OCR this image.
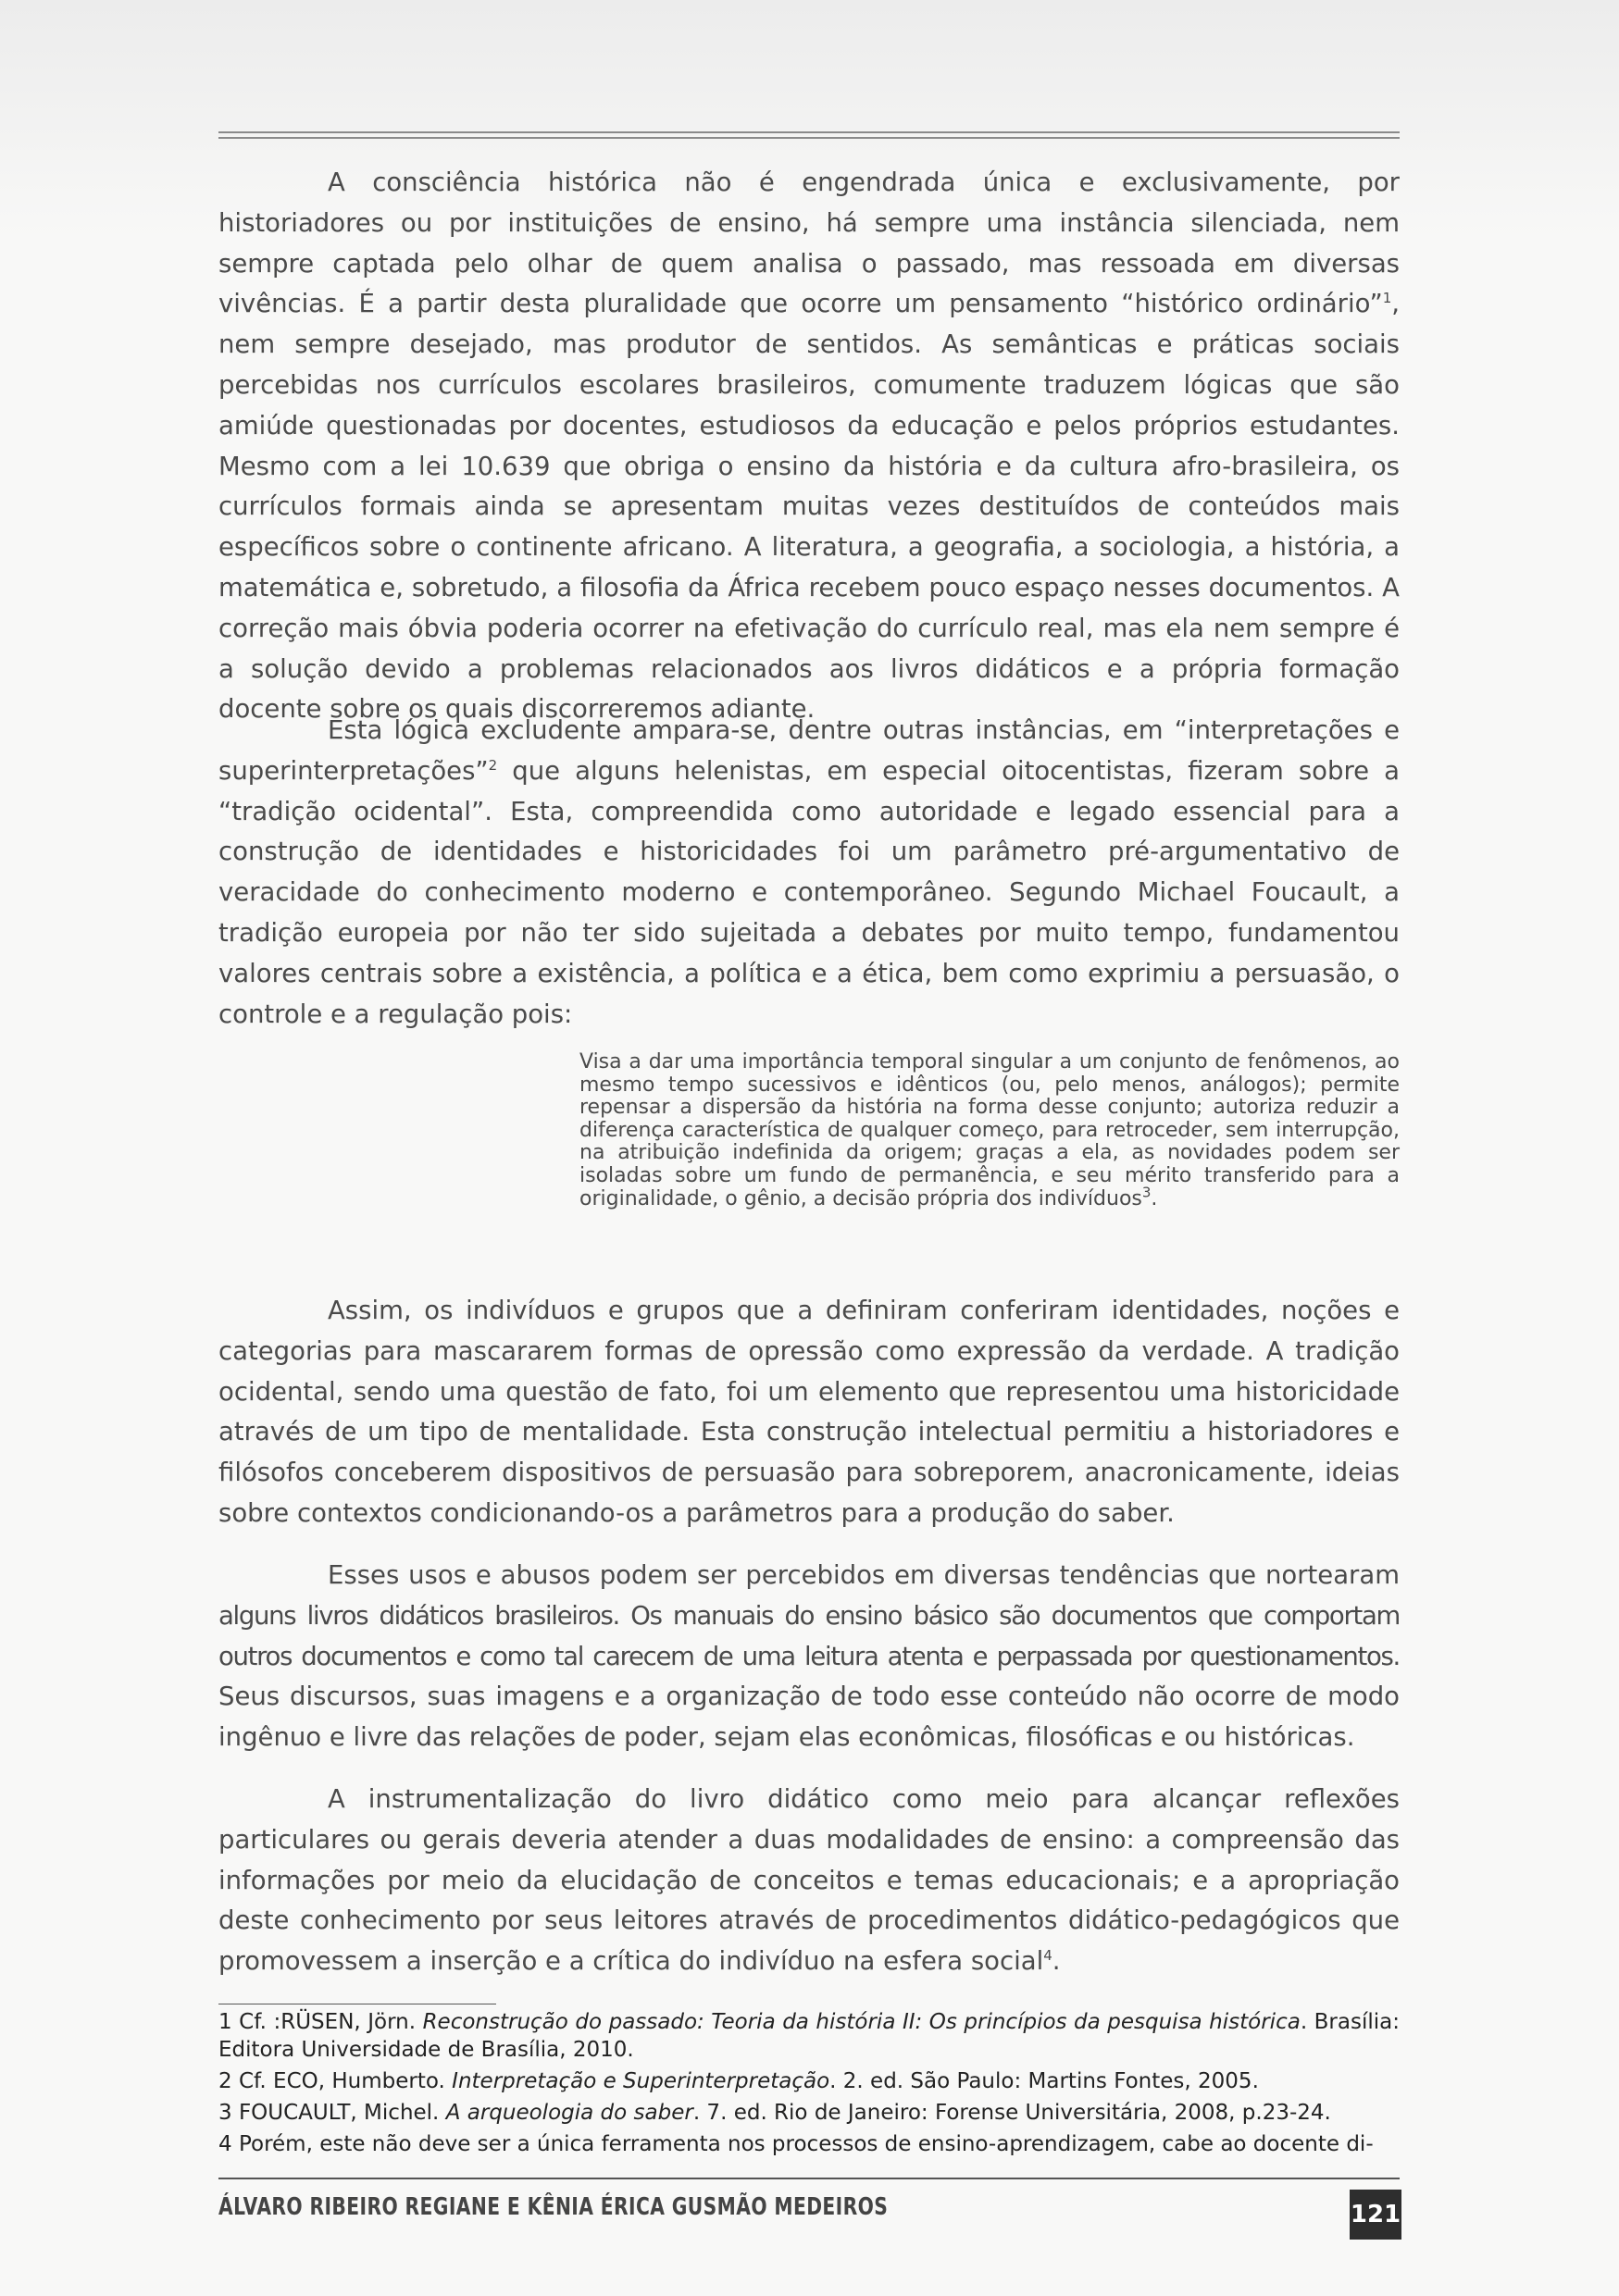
A consciência histórica não é engendrada única e exclusivamente, por historiadores ou por instituições de ensino, há sempre uma instância silenciada, nem sempre captada pelo olhar de quem analisa o passado, mas ressoada em diversas vivências. É a partir desta pluralidade que ocorre um pensamento “histórico ordinário”$^1$, nem sempre desejado, mas produtor de sentidos. As semânticas e práticas sociais percebidas nos currículos escolares brasileiros, comumente traduzem lógicas que são amiúde questionadas por docentes, estudiosos da educação e pelos próprios estudantes. Mesmo com a lei 10.639 que obriga o ensino da história e da cultura afro-brasileira, os currículos formais ainda se apresentam muitas vezes destituídos de conteúdos mais específicos sobre o continente africano. A literatura, a geografia, a sociologia, a história, a matemática e, sobretudo, a filosofia da África recebem pouco espaço nesses documentos. A correção mais óbvia poderia ocorrer na efetivação do currículo real, mas ela nem sempre é a solução devido a problemas relacionados aos livros didáticos e a própria formação docente sobre os quais discorreremos adiante.

Esta lógica excludente ampara-se, dentre outras instâncias, em “interpretações e superinterpretações”$^2$ que alguns helenistas, em especial oitocentistas, fizeram sobre a “tradição ocidental”. Esta, compreendida como autoridade e legado essencial para a construção de identidades e historicidades foi um parâmetro pré-argumentativo de veracidade do conhecimento moderno e contemporâneo. Segundo Michael Foucault, a tradição europeia por não ter sido sujeitada a debates por muito tempo, fundamentou valores centrais sobre a existência, a política e a ética, bem como exprimiu a persuasão, o controle e a regulação pois:

Visa a dar uma importância temporal singular a um conjunto de fenômenos, ao mesmo tempo sucessivos e idênticos (ou, pelo menos, análogos); permite repensar a dispersão da história na forma desse conjunto; autoriza reduzir a diferença característica de qualquer começo, para retroceder, sem interrupção, na atribuição indefinida da origem; graças a ela, as novidades podem ser isoladas sobre um fundo de permanência, e seu mérito transferido para a originalidade, o gênio, a decisão própria dos indivíduos$^3$.

Assim, os indivíduos e grupos que a definiram conferiram identidades, noções e categorias para mascararem formas de opressão como expressão da verdade. A tradição ocidental, sendo uma questão de fato, foi um elemento que representou uma historicidade através de um tipo de mentalidade. Esta construção intelectual permitiu a historiadores e filósofos conceberem dispositivos de persuasão para sobreporem, anacronicamente, ideias sobre contextos condicionando-os a parâmetros para a produção do saber.

Esses usos e abusos podem ser percebidos em diversas tendências que nortearam alguns livros didáticos brasileiros. Os manuais do ensino básico são documentos que comportam outros documentos e como tal carecem de uma leitura atenta e perpassada por questionamentos. Seus discursos, suas imagens e a organização de todo esse conteúdo não ocorre de modo ingênuo e livre das relações de poder, sejam elas econômicas, filosóficas e ou históricas.

A instrumentalização do livro didático como meio para alcançar reflexões particulares ou gerais deveria atender a duas modalidades de ensino: a compreensão das informações por meio da elucidação de conceitos e temas educacionais; e a apropriação deste conhecimento por seus leitores através de procedimentos didático-pedagógicos que promovessem a inserção e a crítica do indivíduo na esfera social$^4$.

1 Cf. :RÜSEN, Jörn. Reconstrução do passado: Teoria da história II: Os princípios da pesquisa histórica. Brasília: Editora Universidade de Brasília, 2010.

2 Cf. ECO, Humberto. Interpretação e Superinterpretação. 2. ed. São Paulo: Martins Fontes, 2005.

3 FOUCAULT, Michel. A arqueologia do saber. 7. ed. Rio de Janeiro: Forense Universitária, 2008, p.23-24.

4 Porém, este não deve ser a única ferramenta nos processos de ensino-aprendizagem, cabe ao docente di-

ÁLVARO RIBEIRO REGIANE E KÊNIA ÉRICA GUSMÃO MEDEIROS	121
